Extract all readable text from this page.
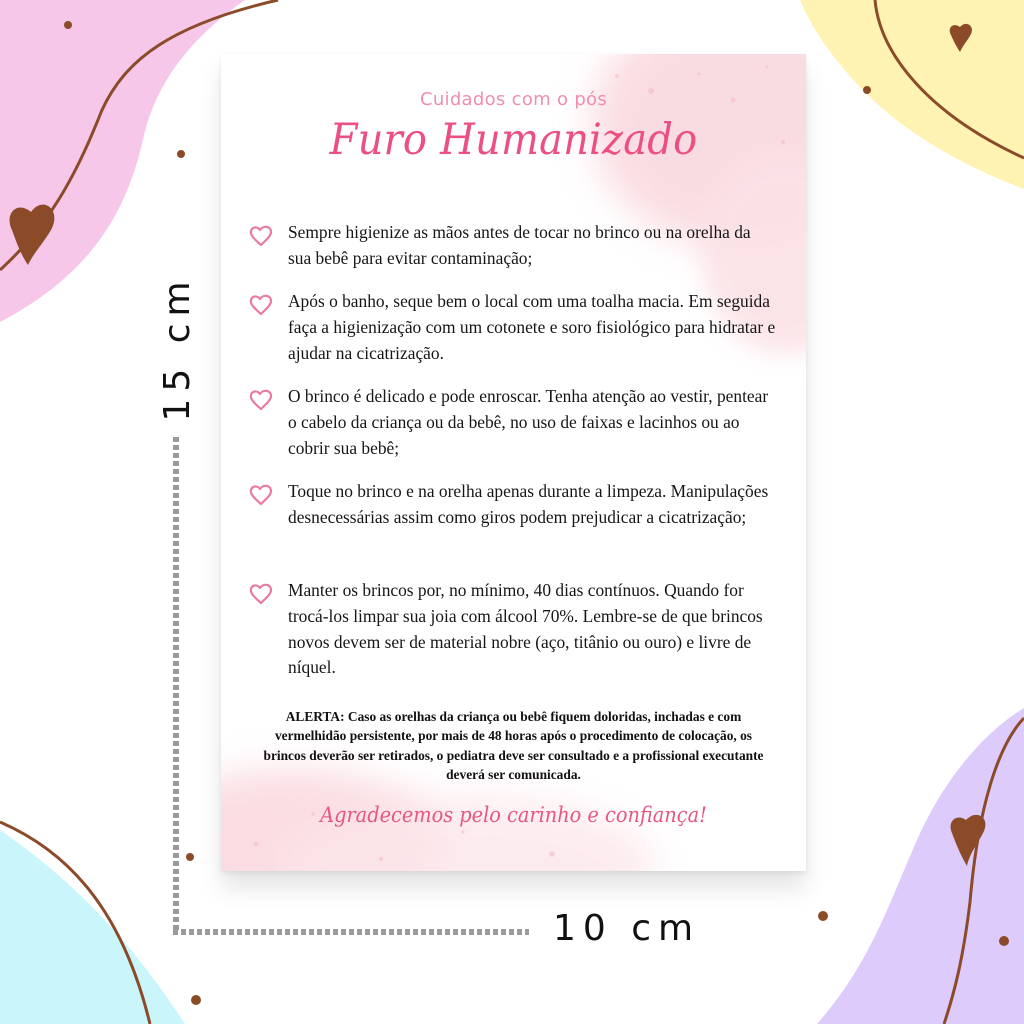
15 cm
10 cm
Cuidados com o pós
Furo Humanizado
Sempre higienize as mãos antes de tocar no brinco ou na orelha da sua bebê para evitar contaminação;
Após o banho, seque bem o local com uma toalha macia. Em seguida faça a higienização com um cotonete e soro fisiológico para hidratar e ajudar na cicatrização.
O brinco é delicado e pode enroscar. Tenha atenção ao vestir, pentear o cabelo da criança ou da bebê, no uso de faixas e lacinhos ou ao cobrir sua bebê;
Toque no brinco e na orelha apenas durante a limpeza. Manipulações desnecessárias assim como giros podem prejudicar a cicatrização;
Manter os brincos por, no mínimo, 40 dias contínuos. Quando for trocá-los limpar sua joia com álcool 70%. Lembre-se de que brincos novos devem ser de material nobre (aço, titânio ou ouro) e livre de níquel.
ALERTA: Caso as orelhas da criança ou bebê fiquem doloridas, inchadas e com vermelhidão persistente, por mais de 48 horas após o procedimento de colocação, os brincos deverão ser retirados, o pediatra deve ser consultado e a profissional executante deverá ser comunicada.
Agradecemos pelo carinho e confiança!
